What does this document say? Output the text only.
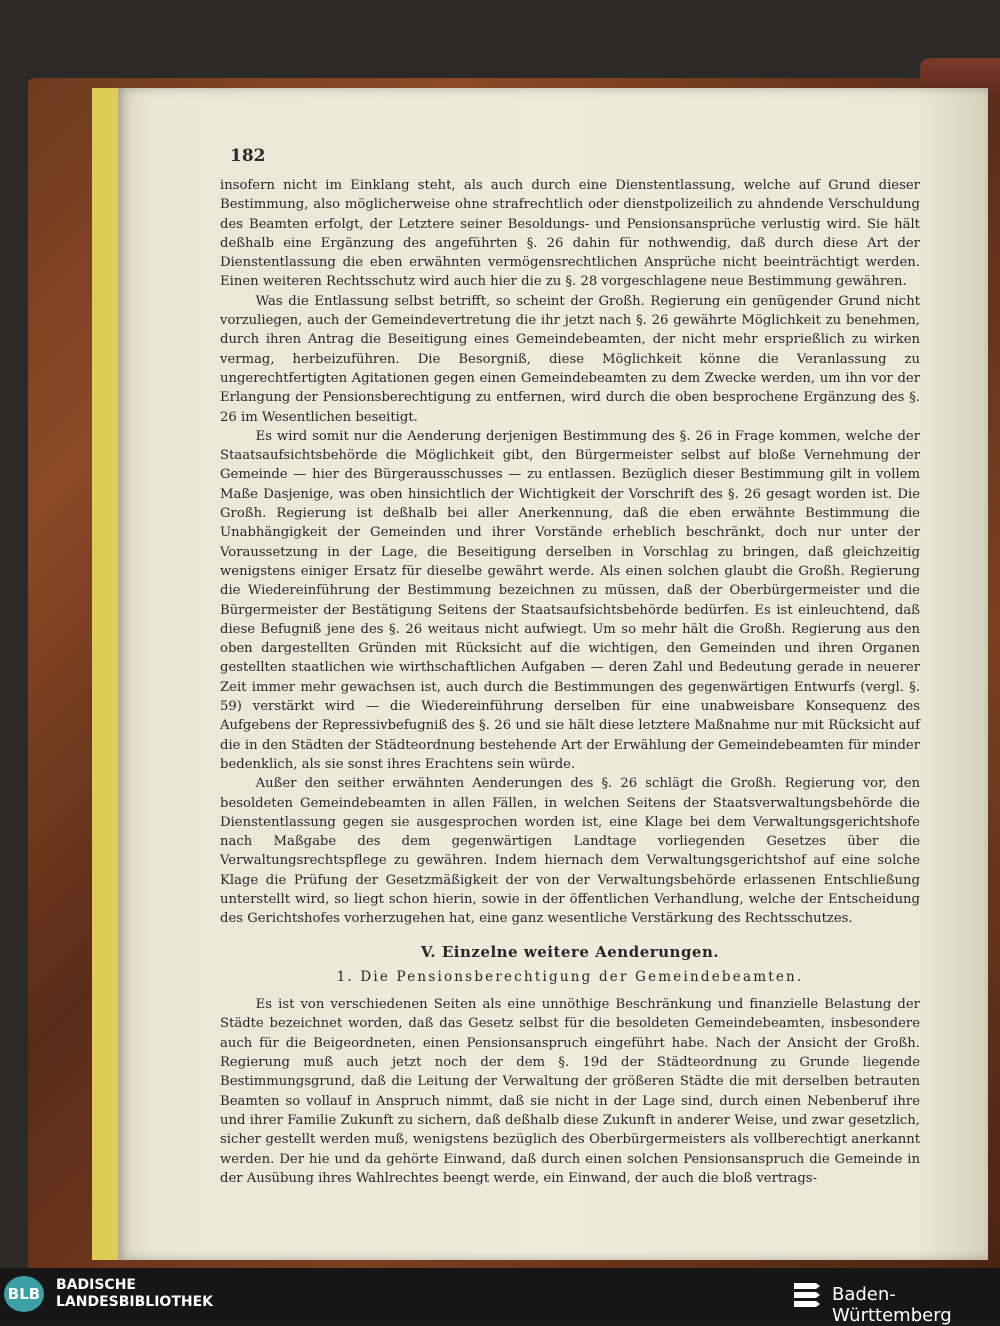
182

insofern nicht im Einklang steht, als auch durch eine Dienstentlassung, welche auf Grund dieser Bestimmung, also möglicherweise ohne strafrechtlich oder dienstpolizeilich zu ahndende Verschuldung des Beamten erfolgt, der Letztere seiner Besoldungs- und Pensionsansprüche verlustig wird. Sie hält deßhalb eine Ergänzung des angeführten §. 26 dahin für nothwendig, daß durch diese Art der Dienstentlassung die eben erwähnten vermögensrechtlichen Ansprüche nicht beeinträchtigt werden. Einen weiteren Rechtsschutz wird auch hier die zu §. 28 vorgeschlagene neue Bestimmung gewähren.

Was die Entlassung selbst betrifft, so scheint der Großh. Regierung ein genügender Grund nicht vorzuliegen, auch der Gemeindevertretung die ihr jetzt nach §. 26 gewährte Möglichkeit zu benehmen, durch ihren Antrag die Beseitigung eines Gemeindebeamten, der nicht mehr ersprießlich zu wirken vermag, herbeizuführen. Die Besorgniß, diese Möglichkeit könne die Veranlassung zu ungerechtfertigten Agitationen gegen einen Gemeindebeamten zu dem Zwecke werden, um ihn vor der Erlangung der Pensionsberechtigung zu entfernen, wird durch die oben besprochene Ergänzung des §. 26 im Wesentlichen beseitigt.

Es wird somit nur die Aenderung derjenigen Bestimmung des §. 26 in Frage kommen, welche der Staatsaufsichtsbehörde die Möglichkeit gibt, den Bürgermeister selbst auf bloße Vernehmung der Gemeinde — hier des Bürgerausschusses — zu entlassen. Bezüglich dieser Bestimmung gilt in vollem Maße Dasjenige, was oben hinsichtlich der Wichtigkeit der Vorschrift des §. 26 gesagt worden ist. Die Großh. Regierung ist deßhalb bei aller Anerkennung, daß die eben erwähnte Bestimmung die Unabhängigkeit der Gemeinden und ihrer Vorstände erheblich beschränkt, doch nur unter der Voraussetzung in der Lage, die Beseitigung derselben in Vorschlag zu bringen, daß gleichzeitig wenigstens einiger Ersatz für dieselbe gewährt werde. Als einen solchen glaubt die Großh. Regierung die Wiedereinführung der Bestimmung bezeichnen zu müssen, daß der Oberbürgermeister und die Bürgermeister der Bestätigung Seitens der Staatsaufsichtsbehörde bedürfen. Es ist einleuchtend, daß diese Befugniß jene des §. 26 weitaus nicht aufwiegt. Um so mehr hält die Großh. Regierung aus den oben dargestellten Gründen mit Rücksicht auf die wichtigen, den Gemeinden und ihren Organen gestellten staatlichen wie wirthschaftlichen Aufgaben — deren Zahl und Bedeutung gerade in neuerer Zeit immer mehr gewachsen ist, auch durch die Bestimmungen des gegenwärtigen Entwurfs (vergl. §. 59) verstärkt wird — die Wiedereinführung derselben für eine unabweisbare Konsequenz des Aufgebens der Repressivbefugniß des §. 26 und sie hält diese letztere Maßnahme nur mit Rücksicht auf die in den Städten der Städteordnung bestehende Art der Erwählung der Gemeindebeamten für minder bedenklich, als sie sonst ihres Erachtens sein würde.

Außer den seither erwähnten Aenderungen des §. 26 schlägt die Großh. Regierung vor, den besoldeten Gemeindebeamten in allen Fällen, in welchen Seitens der Staatsverwaltungsbehörde die Dienstentlassung gegen sie ausgesprochen worden ist, eine Klage bei dem Verwaltungsgerichtshofe nach Maßgabe des dem gegenwärtigen Landtage vorliegenden Gesetzes über die Verwaltungsrechtspflege zu gewähren. Indem hiernach dem Verwaltungsgerichtshof auf eine solche Klage die Prüfung der Gesetzmäßigkeit der von der Verwaltungsbehörde erlassenen Entschließung unterstellt wird, so liegt schon hierin, sowie in der öffentlichen Verhandlung, welche der Entscheidung des Gerichtshofes vorherzugehen hat, eine ganz wesentliche Verstärkung des Rechtsschutzes.

V. Einzelne weitere Aenderungen.
1. Die Pensionsberechtigung der Gemeindebeamten.

Es ist von verschiedenen Seiten als eine unnöthige Beschränkung und finanzielle Belastung der Städte bezeichnet worden, daß das Gesetz selbst für die besoldeten Gemeindebeamten, insbesondere auch für die Beigeordneten, einen Pensionsanspruch eingeführt habe. Nach der Ansicht der Großh. Regierung muß auch jetzt noch der dem §. 19d der Städteordnung zu Grunde liegende Bestimmungsgrund, daß die Leitung der Verwaltung der größeren Städte die mit derselben betrauten Beamten so vollauf in Anspruch nimmt, daß sie nicht in der Lage sind, durch einen Nebenberuf ihre und ihrer Familie Zukunft zu sichern, daß deßhalb diese Zukunft in anderer Weise, und zwar gesetzlich, sicher gestellt werden muß, wenigstens bezüglich des Oberbürgermeisters als vollberechtigt anerkannt werden. Der hie und da gehörte Einwand, daß durch einen solchen Pensionsanspruch die Gemeinde in der Ausübung ihres Wahlrechtes beengt werde, ein Einwand, der auch die bloß vertrags-

BLB BADISCHE
LANDESBIBLIOTHEK	Baden-Württemberg
